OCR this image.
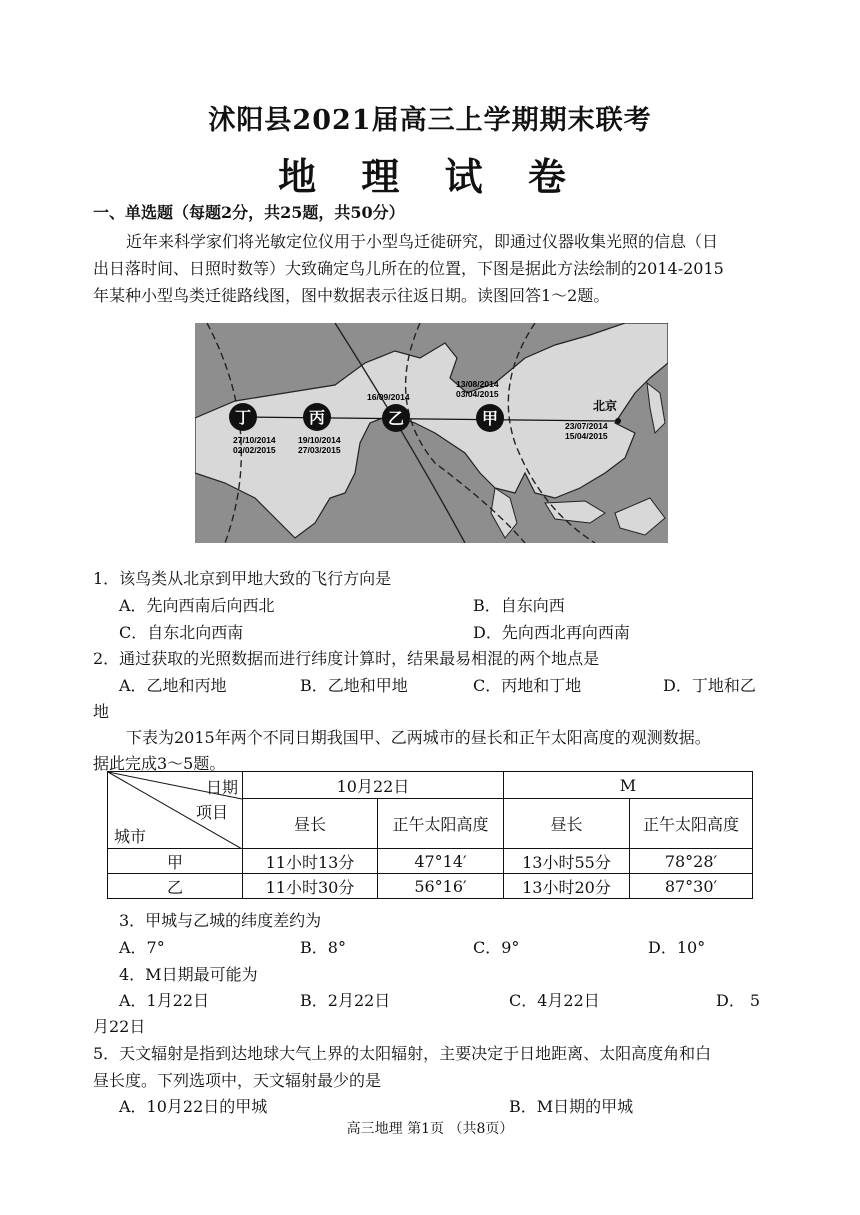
沭阳县2021届高三上学期期末联考
地 理 试 卷
一、单选题（每题2分，共25题，共50分）
近年来科学家们将光敏定位仪用于小型鸟迁徙研究，即通过仪器收集光照的信息（日
出日落时间、日照时数等）大致确定鸟儿所在的位置，下图是据此方法绘制的2014-2015
年某种小型鸟类迁徙路线图，图中数据表示往返日期。读图回答1～2题。
丁	丙	乙	甲
27/10/2014
02/02/2015
19/10/2014
27/03/2015
16/09/2014
13/08/2014
03/04/2015
北京
23/07/2014
15/04/2015
1．该鸟类从北京到甲地大致的飞行方向是
A．先向西南后向西北	B．自东向西
C．自东北向西南	D．先向西北再向西南
2．通过获取的光照数据而进行纬度计算时，结果最易相混的两个地点是
A．乙地和丙地	B．乙地和甲地	C．丙地和丁地	D．丁地和乙
地
下表为2015年两个不同日期我国甲、乙两城市的昼长和正午太阳高度的观测数据。
据此完成3～5题。
日期
项目
城市	10月22日		M	
	昼长	正午太阳高度	昼长	正午太阳高度
甲	11小时13分	47°14′	13小时55分	78°28′
乙	11小时30分	56°16′	13小时20分	87°30′
3．甲城与乙城的纬度差约为
A．7°	B．8°	C．9°	D．10°
4．M日期最可能为
A．1月22日	B．2月22日	C．4月22日	D． 5
月22日
5．天文辐射是指到达地球大气上界的太阳辐射，主要决定于日地距离、太阳高度角和白
昼长度。下列选项中，天文辐射最少的是
A．10月22日的甲城	B．M日期的甲城
高三地理 第1页 （共8页）
